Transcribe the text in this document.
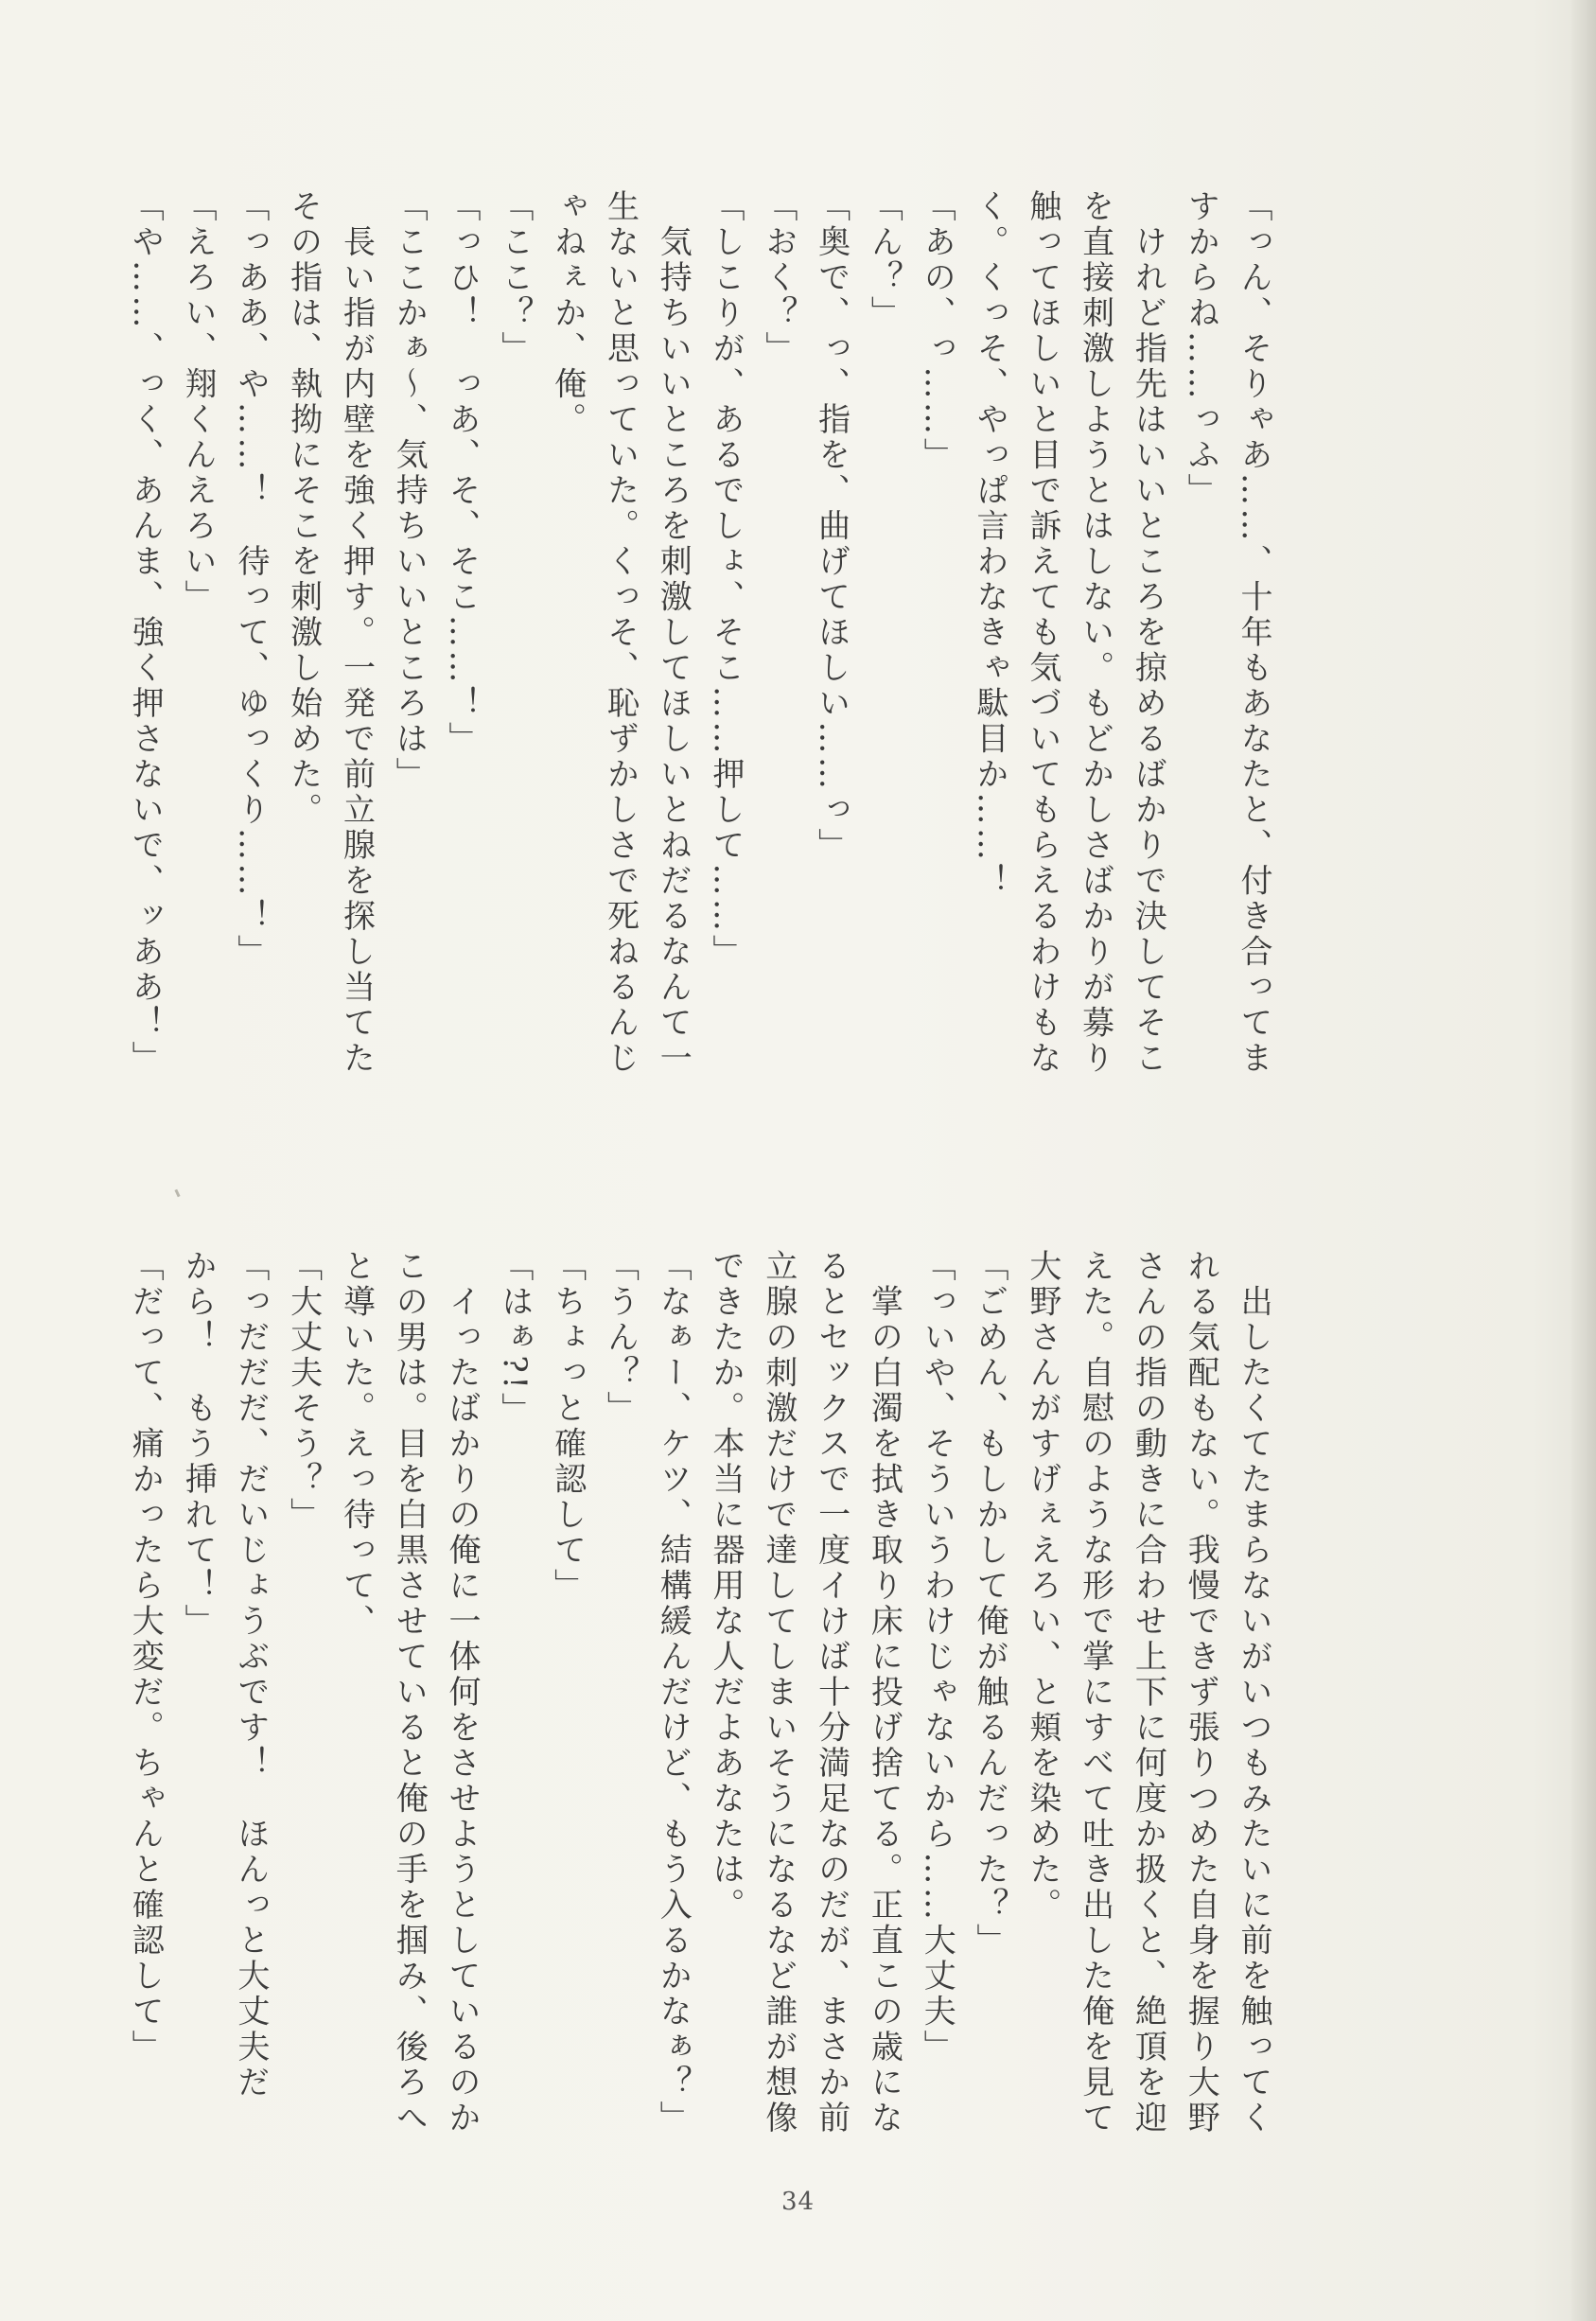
「っん、そりゃあ……、十年もあなたと、付き合ってま
すからね……っふ」
　けれど指先はいいところを掠めるばかりで決してそこ
を直接刺激しようとはしない。もどかしさばかりが募り
触ってほしいと目で訴えても気づいてもらえるわけもな
く。くっそ、やっぱ言わなきゃ駄目か……！
「あの、っ……」
「ん？」
「奥で、っ、指を、曲げてほしい……っ」
「おく？」
「しこりが、あるでしょ、そこ……押して……」
　気持ちいいところを刺激してほしいとねだるなんて一
生ないと思っていた。くっそ、恥ずかしさで死ねるんじ
ゃねぇか、俺。
「ここ？」
「っひ！　っあ、そ、そこ……！」
「ここかぁ〜、気持ちいいところは」
　長い指が内壁を強く押す。一発で前立腺を探し当てた
その指は、執拗にそこを刺激し始めた。
「っああ、や……！　待って、ゆっくり……！」
「えろい、翔くんえろい」
「や……、っく、あんま、強く押さないで、ッああ！」
　出したくてたまらないがいつもみたいに前を触ってく
れる気配もない。我慢できず張りつめた自身を握り大野
さんの指の動きに合わせ上下に何度か扱くと、絶頂を迎
えた。自慰のような形で掌にすべて吐き出した俺を見て
大野さんがすげぇえろい、と頬を染めた。
「ごめん、もしかして俺が触るんだった？」
「っいや、そういうわけじゃないから……大丈夫」
　掌の白濁を拭き取り床に投げ捨てる。正直この歳にな
るとセックスで一度イけば十分満足なのだが、まさか前
立腺の刺激だけで達してしまいそうになるなど誰が想像
できたか。本当に器用な人だよあなたは。
「なぁー、ケツ、結構緩んだけど、もう入るかなぁ？」
「うん？」
「ちょっと確認して」
「はぁ?!」
　イったばかりの俺に一体何をさせようとしているのか
この男は。目を白黒させていると俺の手を掴み、後ろへ
と導いた。えっ待って、
「大丈夫そう？」
「っだだだ、だいじょうぶです！　ほんっと大丈夫だ
から！　もう挿れて！」
「だって、痛かったら大変だ。ちゃんと確認して」
34
